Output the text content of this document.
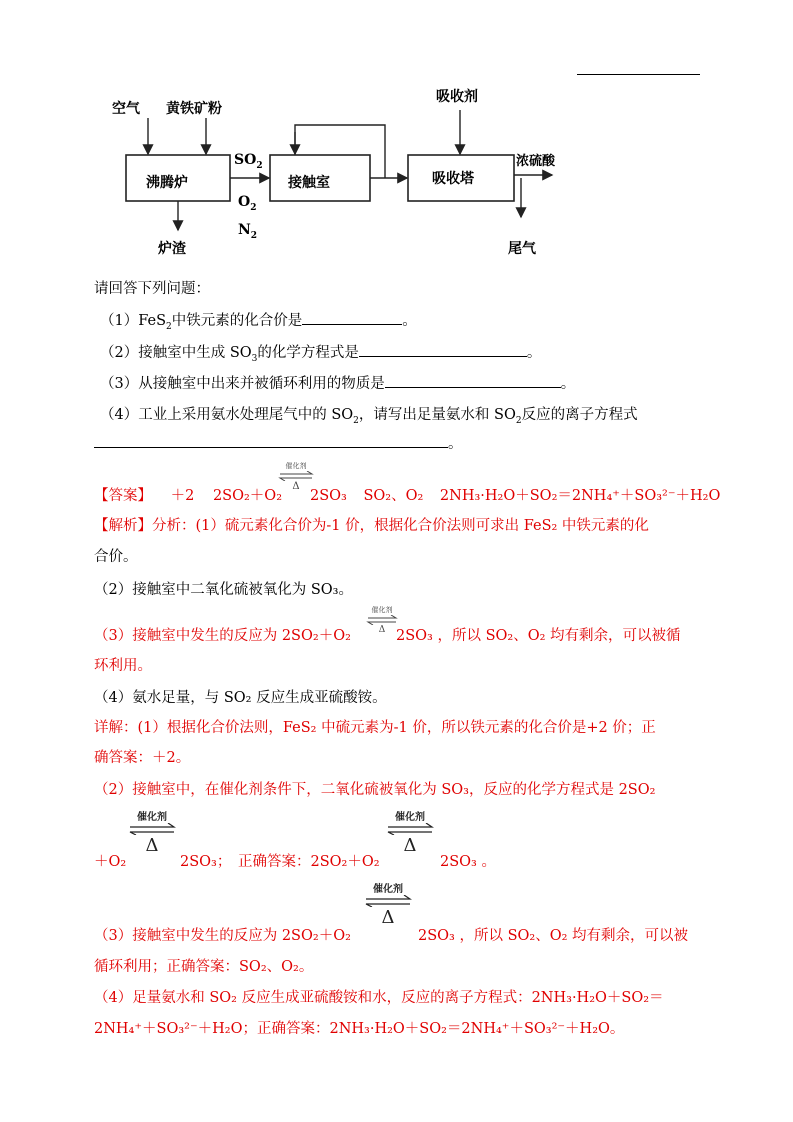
空气 黄铁矿粉
沸腾炉
$SO_2$
$O_2$
$N_2$
炉渣
接触室
吸收剂
吸收塔
浓硫酸
尾气
请回答下列问题：
（1）FeS$_2$中铁元素的化合价是	。
（2）接触室中生成 $SO_3$的化学方程式是	。
（3）从接触室中出来并被循环利用的物质是	。
（4）工业上采用氨水处理尾气中的 $SO_2$，请写出足量氨水和 $SO_2$反应的离子方程式
。
【答案】 ＋2 2SO₂＋O₂
催化剂
Δ
2SO₃ SO₂、O₂ 2NH₃·H₂O＋SO₂＝2NH₄⁺＋SO₃²⁻＋H₂O
【解析】分析：(1）硫元素化合价为-1 价，根据化合价法则可求出 FeS₂ 中铁元素的化
合价。
（2）接触室中二氧化硫被氧化为 SO₃。
（3）接触室中发生的反应为 2SO₂＋O₂
催化剂
Δ 2SO₃ ，所以 SO₂、O₂ 均有剩余，可以被循
环利用。
（4）氨水足量，与 SO₂ 反应生成亚硫酸铵。
详解：(1）根据化合价法则，FeS₂ 中硫元素为-1 价，所以铁元素的化合价是+2 价；正
确答案：＋2。
（2）接触室中，在催化剂条件下，二氧化硫被氧化为 SO₃，反应的化学方程式是 2SO₂
＋O₂
催化剂
Δ
2SO₃； 正确答案：2SO₂＋O₂
催化剂
Δ
2SO₃ 。
催化剂
Δ
（3）接触室中发生的反应为 2SO₂＋O₂	2SO₃ ，所以 SO₂、O₂ 均有剩余，可以被
循环利用；正确答案：SO₂、O₂。
（4）足量氨水和 SO₂ 反应生成亚硫酸铵和水，反应的离子方程式：2NH₃·H₂O＋SO₂＝
2NH₄⁺＋SO₃²⁻＋H₂O；正确答案：2NH₃·H₂O＋SO₂＝2NH₄⁺＋SO₃²⁻＋H₂O。
